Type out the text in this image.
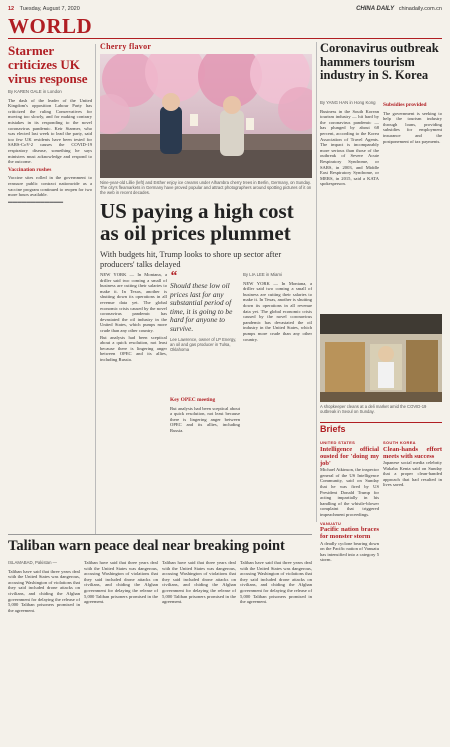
12 Tuesday, August 7, 2020	CHINA DAILY chinadaily.com.cn
WORLD
Starmer criticizes UK virus response
By KAREN GALE in London

The dash of the leader of the United Kingdom's opposition Labour Party has criticized the ruling Conservatives for moving too slowly, and for making contrary mistakes in its responding to the novel coronavirus pandemic. Keir Starmer, who was elected last week to lead the party, said too few UK residents have been tested for SARS-CoV-2 causes the COVID-19 respiratory disease, something he says ministers must acknowledge and respond to the outcome.

Vaccination rushes

Vaccine sites rolled in the government to reassure public contract nationwide as a vaccine program continued to reopen for two more hours available.

▬▬▬▬▬▬▬▬▬▬▬▬

Cherry flavor
Nine-year-old Lillie (left) and Esther enjoy ice creams under Alhambra cherry trees in Berlin, Germany, on Sunday. The city's fleamarkets in Germany have proved popular and attract photographers around spotting pictures of it on the web in recent decades.
US paying a high cost as oil prices plummet
With budgets hit, Trump looks to shore up sector after producers' talks delayed

NEW YORK — In Montana, a driller said two coming a small of business are cutting their salaries to make it. In Texas, another is shutting down its operations in all revenue data yet. The global economic crisis caused by the novel coronavirus pandemic has devastated the oil industry in the United States, which pumps more crude than any other country.

But analysts had been sceptical about a quick resolution, not least because there is lingering anger between OPEC and its allies, including Russia.

“
Should these low oil prices last for any substantial period of time, it is going to be hard for anyone to survive.
Lee Lawrence, owner of LP Energy, an oil and gas producer in Tulsa, Oklahoma
Key OPEC meeting

But analysts had been sceptical about a quick resolution, not least because there is lingering anger between OPEC and its allies, including Russia.

By LIA LEE in Miami

NEW YORK — In Montana, a driller said two coming a small of business are cutting their salaries to make it. In Texas, another is shutting down its operations in all revenue data yet. The global economic crisis caused by the novel coronavirus pandemic has devastated the oil industry in the United States, which pumps more crude than any other country.

Coronavirus outbreak hammers tourism industry in S. Korea
By YANG HAN in Hong Kong

Business in the South Korean tourism industry — hit hard by the coronavirus pandemic — has plunged by about 68 percent, according to the Korea Association of Travel Agents. The impact is incomparably more serious than those of the outbreak of Severe Acute Respiratory Syndrome, or SARS, in 2003, and Middle East Respiratory Syndrome, or MERS, in 2015, said a KATA spokesperson.

Subsidies provided

The government is seeking to help the tourism industry through loans, providing subsidies for employment insurance and the postponement of tax payments.

A shopkeeper cleans at a deli market amid the COVID-19 outbreak in Seoul on Sunday.
Briefs
UNITED STATES
Intelligence official ousted for 'doing my job'

Michael Atkinson, the inspector general of the US Intelligence Community, said on Sunday that he was fired by US President Donald Trump for acting impartially in his handling of the whistle-blower complaint that triggered impeachment proceedings.

VANUATU
Pacific nation braces for monster storm

A deadly cyclone bearing down on the Pacific nation of Vanuatu has intensified into a category 5 storm.

SOUTH KOREA
Clean-hands effort meets with success

Japanese social media celebrity Wakaba Kenta said on Sunday that a proper clean-handed approach that had resulted in lives saved.

Taliban warn peace deal near breaking point
ISLAMABAD, Pakistan —

Taliban have said that three years deal with the United States was dangerous, accusing Washington of violations that they said included drone attacks on civilians, and chiding the Afghan government for delaying the release of 5,000 Taliban prisoners promised in the agreement.

Taliban have said that three years deal with the United States was dangerous, accusing Washington of violations that they said included drone attacks on civilians, and chiding the Afghan government for delaying the release of 5,000 Taliban prisoners promised in the agreement.

Taliban have said that three years deal with the United States was dangerous, accusing Washington of violations that they said included drone attacks on civilians, and chiding the Afghan government for delaying the release of 5,000 Taliban prisoners promised in the agreement.

Taliban have said that three years deal with the United States was dangerous, accusing Washington of violations that they said included drone attacks on civilians, and chiding the Afghan government for delaying the release of 5,000 Taliban prisoners promised in the agreement.
